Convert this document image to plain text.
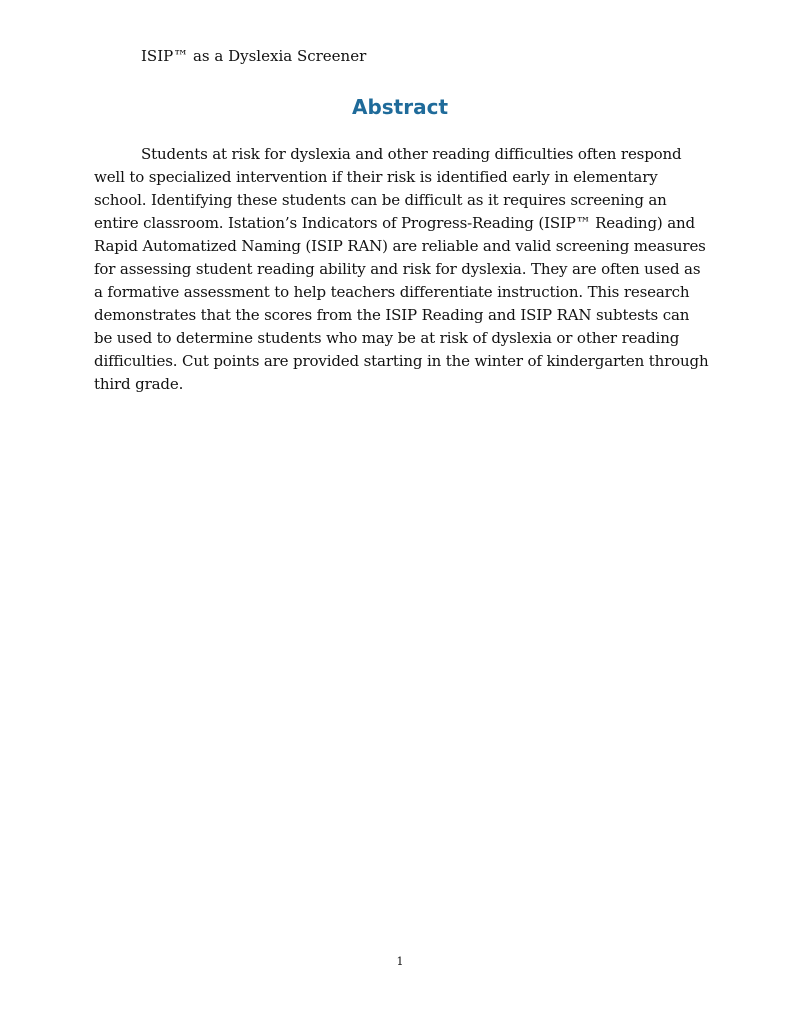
ISIP™ as a Dyslexia Screener
Abstract

Students at risk for dyslexia and other reading difficulties often respond well to specialized intervention if their risk is identified early in elementary school. Identifying these students can be difficult as it requires screening an entire classroom. Istation’s Indicators of Progress-Reading (ISIP™ Reading) and Rapid Automatized Naming (ISIP RAN) are reliable and valid screening measures for assessing student reading ability and risk for dyslexia. They are often used as a formative assessment to help teachers differentiate instruction. This research demonstrates that the scores from the ISIP Reading and ISIP RAN subtests can be used to determine students who may be at risk of dyslexia or other reading difficulties. Cut points are provided starting in the winter of kindergarten through third grade.

1
